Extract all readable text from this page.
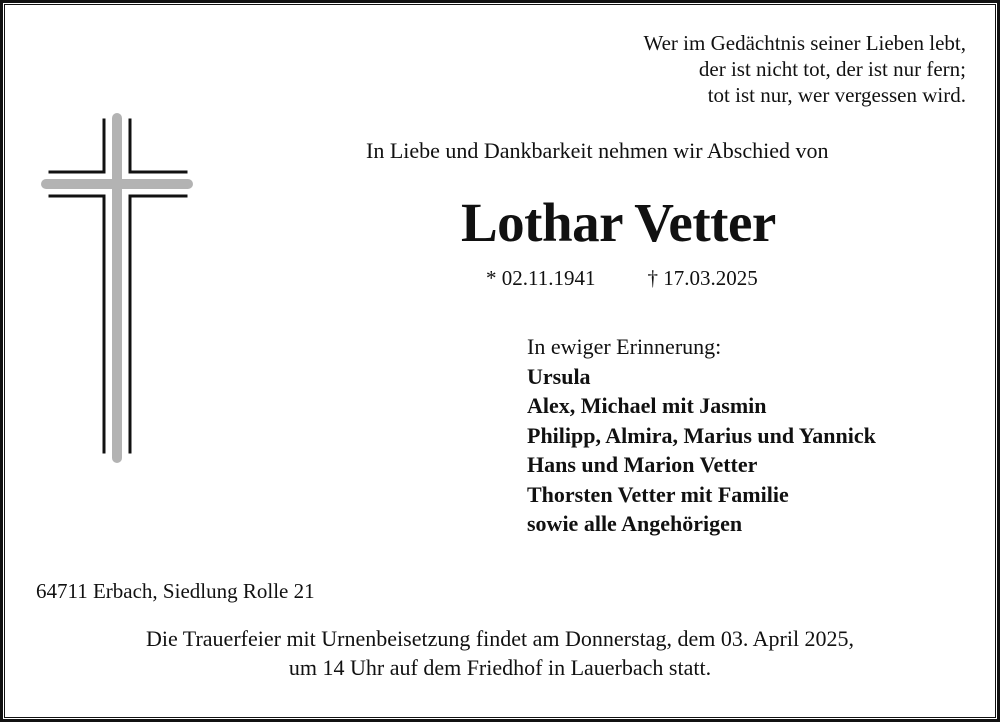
Wer im Gedächtnis seiner Lieben lebt,
der ist nicht tot, der ist nur fern;
tot ist nur, wer vergessen wird.
In Liebe und Dankbarkeit nehmen wir Abschied von
Lothar Vetter
* 02.11.1941 † 17.03.2025
In ewiger Erinnerung:
Ursula
Alex, Michael mit Jasmin
Philipp, Almira, Marius und Yannick
Hans und Marion Vetter
Thorsten Vetter mit Familie
sowie alle Angehörigen
64711 Erbach, Siedlung Rolle 21
Die Trauerfeier mit Urnenbeisetzung findet am Donnerstag, dem 03. April 2025,
um 14 Uhr auf dem Friedhof in Lauerbach statt.
